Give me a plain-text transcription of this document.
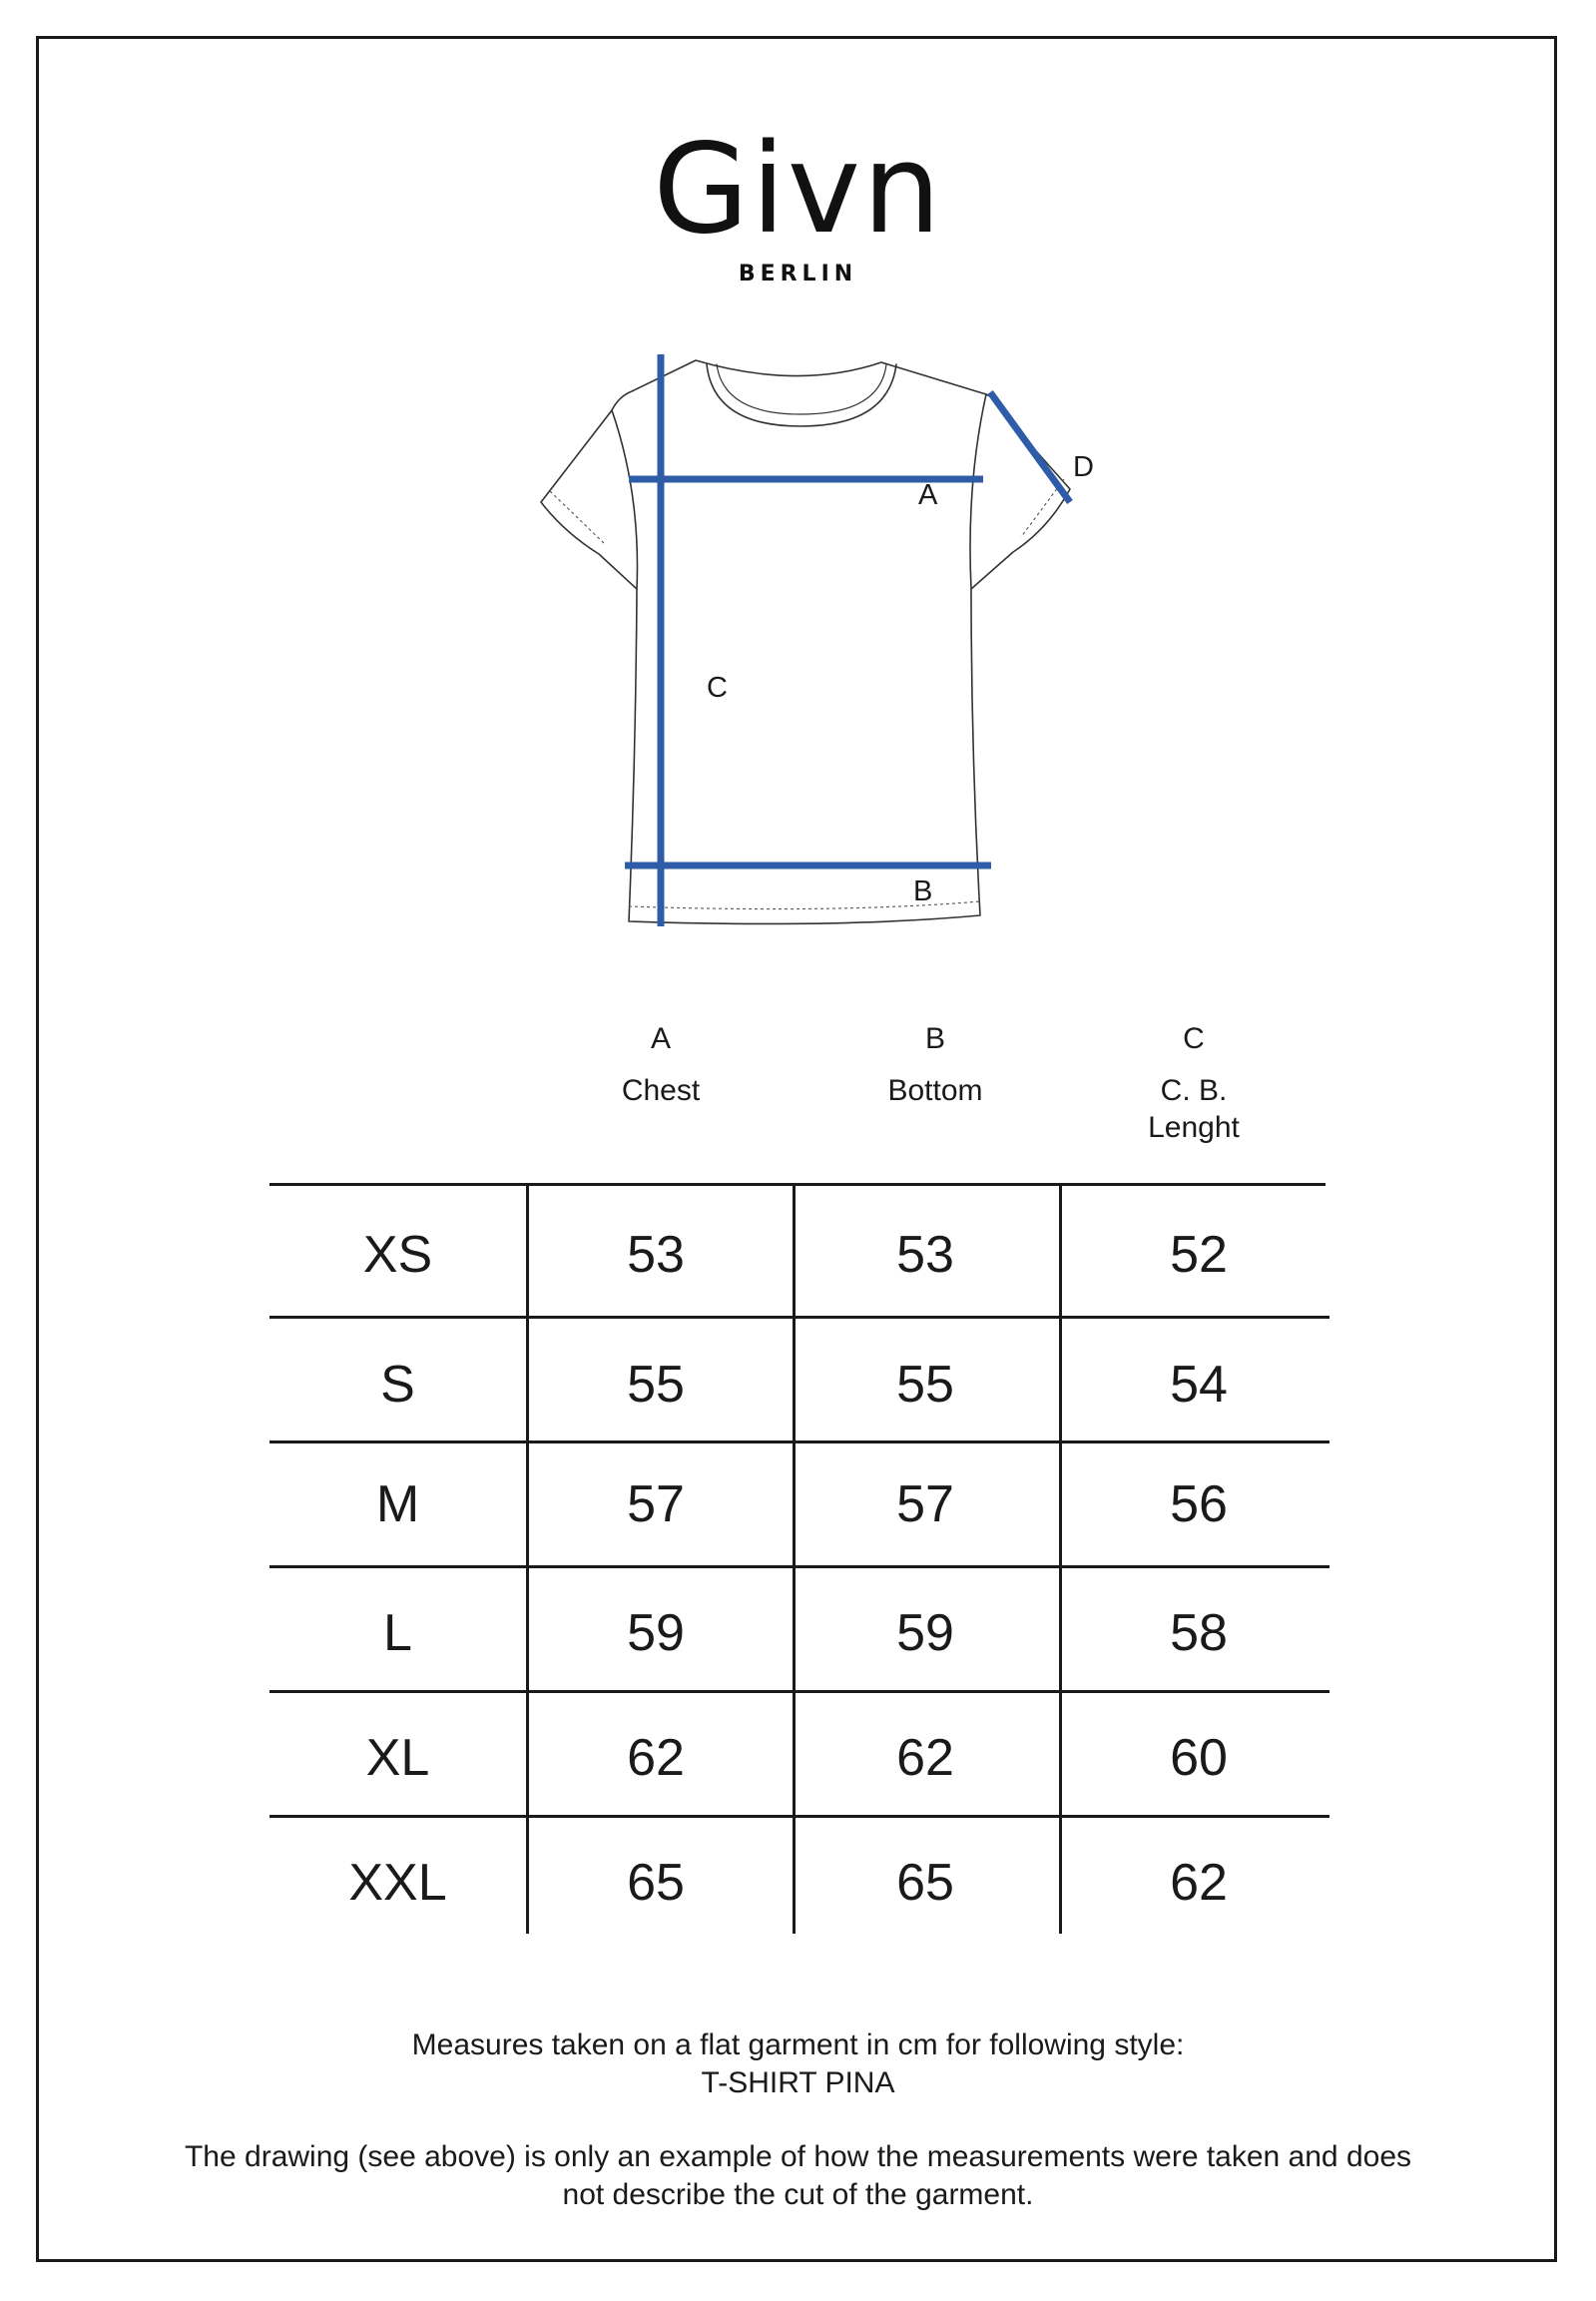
Givn
BERLIN
A
B
C
D
A
Chest
B
Bottom
C
C. B.
Lenght
XS	53	53	52
S	55	55	54
M	57	57	56
L	59	59	58
XL	62	62	60
XXL	65	65	62
Measures taken on a flat garment in cm for following style:
T-SHIRT PINA
The drawing (see above) is only an example of how the measurements were taken and does
not describe the cut of the garment.
